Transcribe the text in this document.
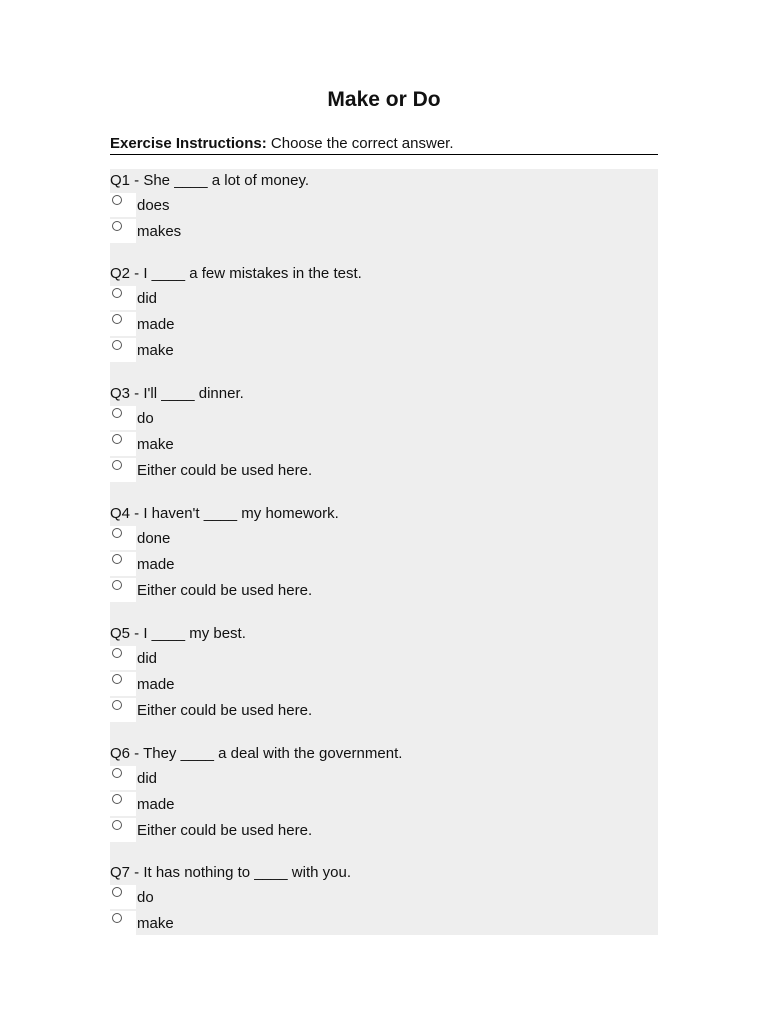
Make or Do
Exercise Instructions: Choose the correct answer.
Q1 - She ____ a lot of money.
does
makes
Q2 - I ____ a few mistakes in the test.
did
made
make
Q3 - I'll ____ dinner.
do
make
Either could be used here.
Q4 - I haven't ____ my homework.
done
made
Either could be used here.
Q5 - I ____ my best.
did
made
Either could be used here.
Q6 - They ____ a deal with the government.
did
made
Either could be used here.
Q7 - It has nothing to ____ with you.
do
make
